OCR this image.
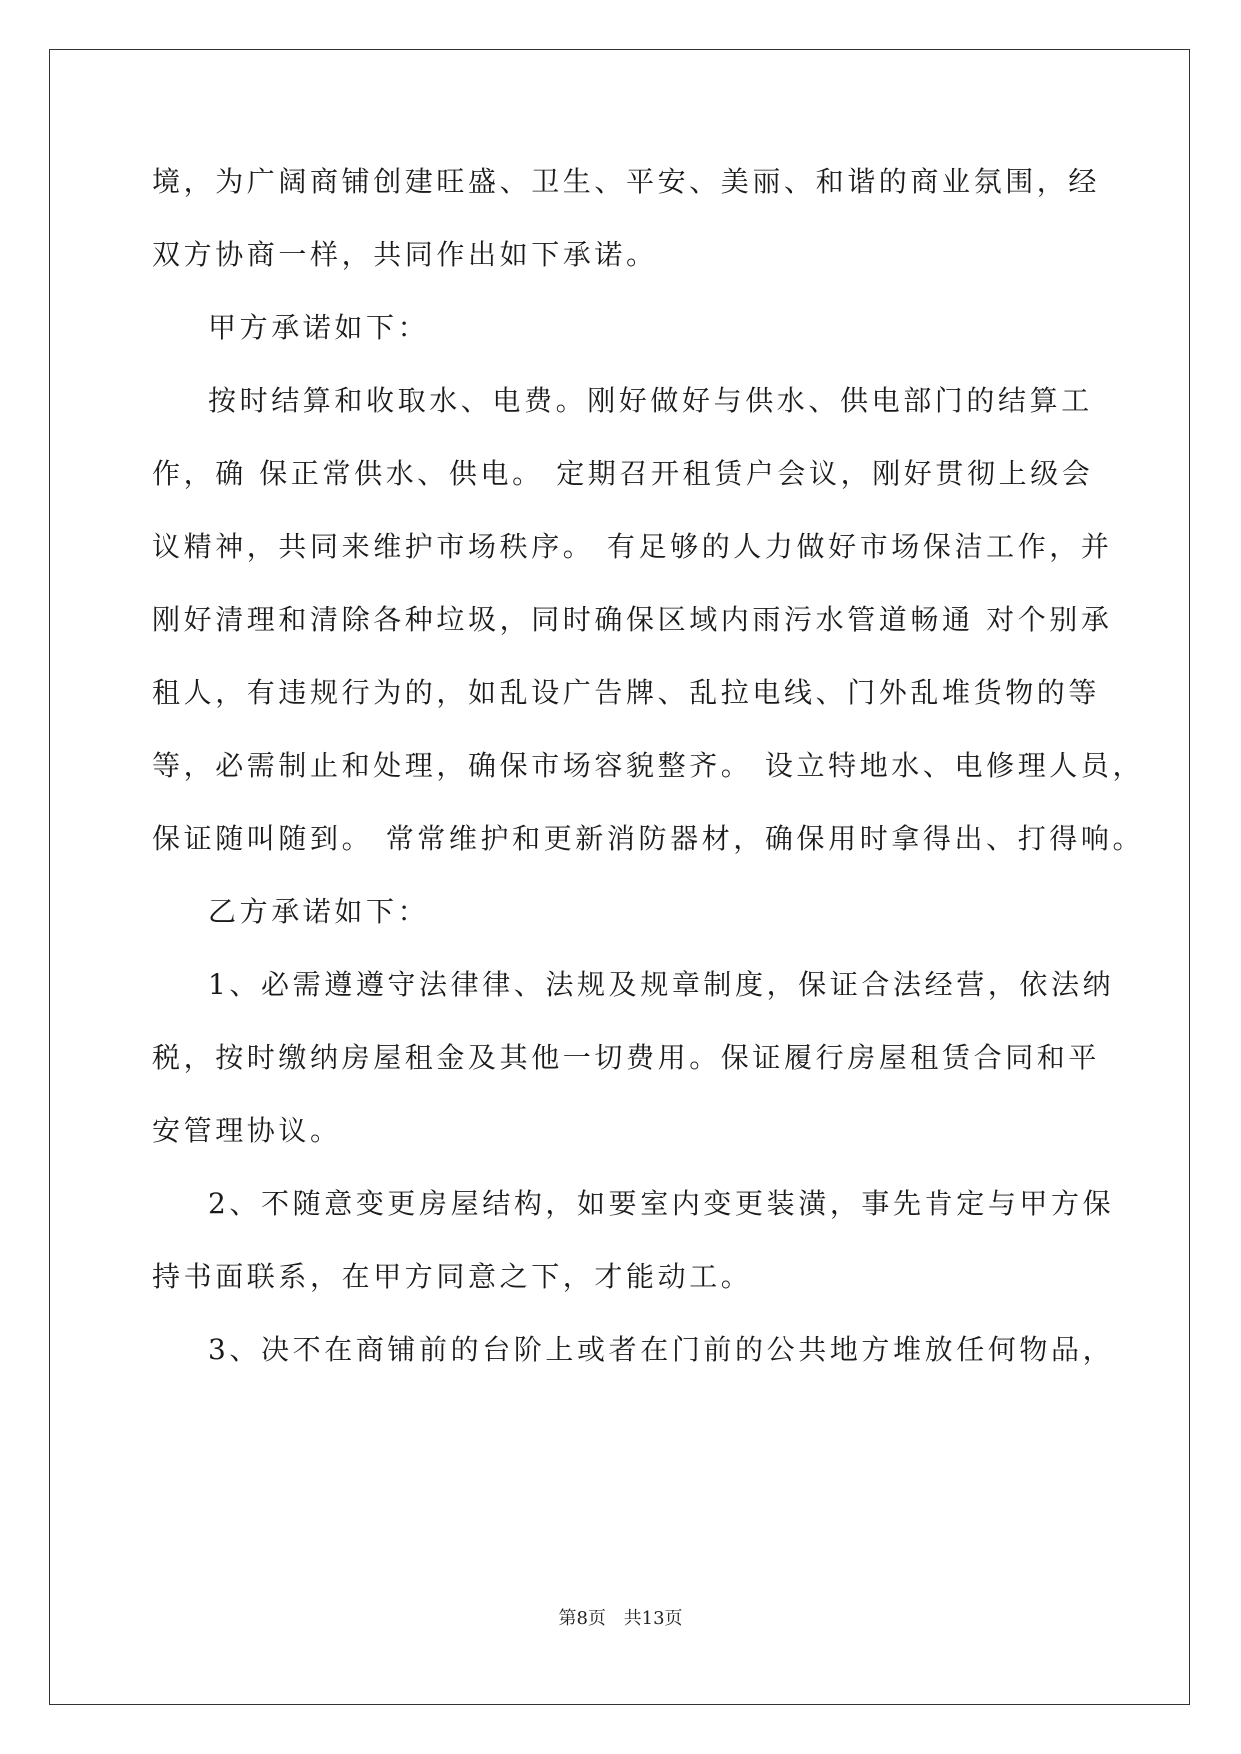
境，为广阔商铺创建旺盛、卫生、平安、美丽、和谐的商业氛围，经
双方协商一样，共同作出如下承诺。
甲方承诺如下：
按时结算和收取水、电费。刚好做好与供水、供电部门的结算工
作，确 保正常供水、供电。 定期召开租赁户会议，刚好贯彻上级会
议精神，共同来维护市场秩序。 有足够的人力做好市场保洁工作，并
刚好清理和清除各种垃圾，同时确保区域内雨污水管道畅通 对个别承
租人，有违规行为的，如乱设广告牌、乱拉电线、门外乱堆货物的等
等，必需制止和处理，确保市场容貌整齐。 设立特地水、电修理人员，
保证随叫随到。 常常维护和更新消防器材，确保用时拿得出、打得响。
乙方承诺如下：
1、必需遵遵守法律律、法规及规章制度，保证合法经营，依法纳
税，按时缴纳房屋租金及其他一切费用。保证履行房屋租赁合同和平
安管理协议。
2、不随意变更房屋结构，如要室内变更装潢，事先肯定与甲方保
持书面联系，在甲方同意之下，才能动工。
3、决不在商铺前的台阶上或者在门前的公共地方堆放任何物品，
第8页 共13页
